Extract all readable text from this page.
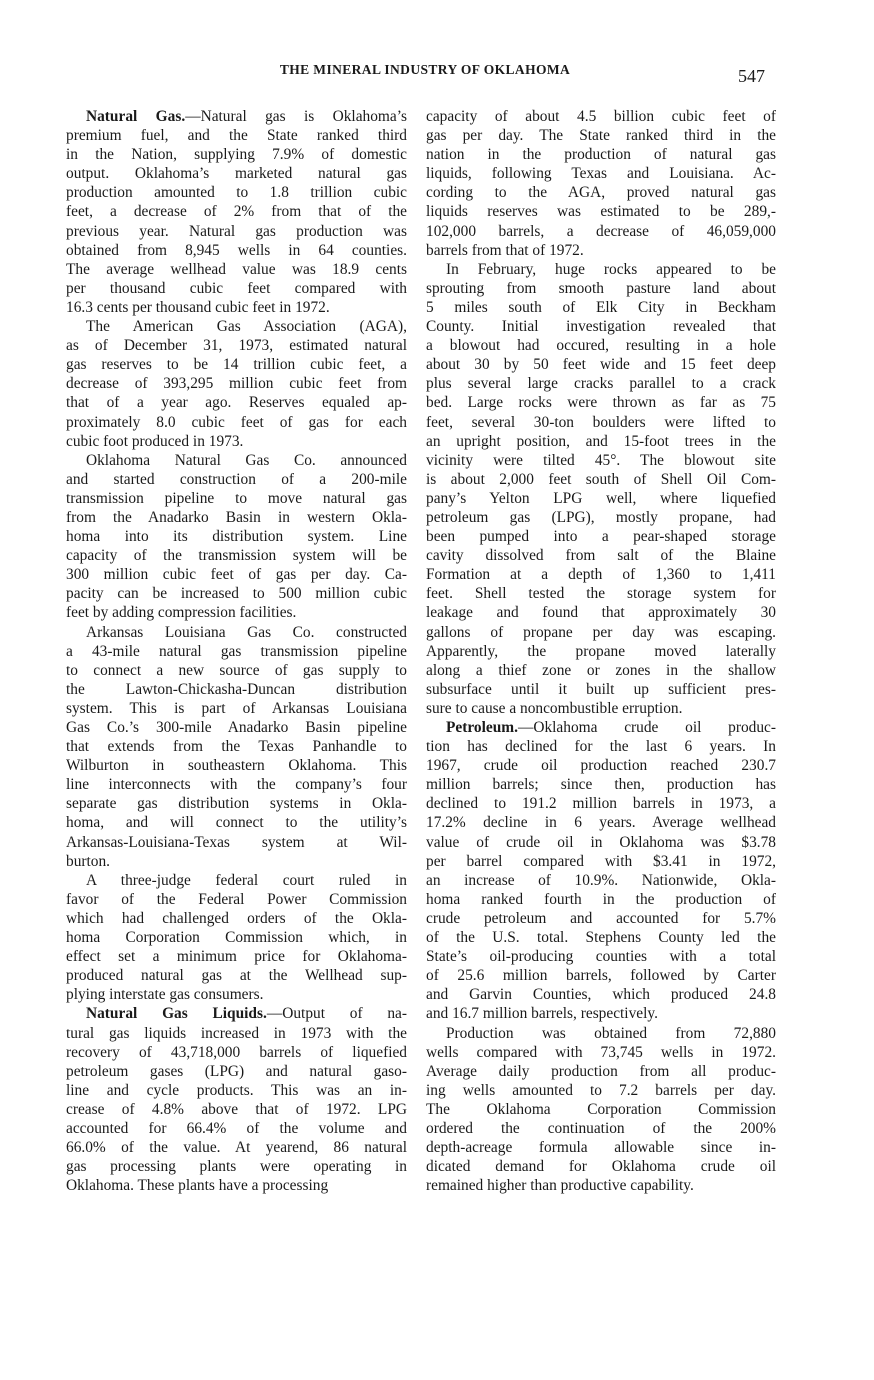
THE MINERAL INDUSTRY OF OKLAHOMA	547
Natural Gas.—Natural gas is Oklahoma’s
premium fuel, and the State ranked third
in the Nation, supplying 7.9% of domestic
output. Oklahoma’s marketed natural gas
production amounted to 1.8 trillion cubic
feet, a decrease of 2% from that of the
previous year. Natural gas production was
obtained from 8,945 wells in 64 counties.
The average wellhead value was 18.9 cents
per thousand cubic feet compared with
16.3 cents per thousand cubic feet in 1972.
The American Gas Association (AGA),
as of December 31, 1973, estimated natural
gas reserves to be 14 trillion cubic feet, a
decrease of 393,295 million cubic feet from
that of a year ago. Reserves equaled ap-
proximately 8.0 cubic feet of gas for each
cubic foot produced in 1973.
Oklahoma Natural Gas Co. announced
and started construction of a 200-mile
transmission pipeline to move natural gas
from the Anadarko Basin in western Okla-
homa into its distribution system. Line
capacity of the transmission system will be
300 million cubic feet of gas per day. Ca-
pacity can be increased to 500 million cubic
feet by adding compression facilities.
Arkansas Louisiana Gas Co. constructed
a 43-mile natural gas transmission pipeline
to connect a new source of gas supply to
the Lawton-Chickasha-Duncan distribution
system. This is part of Arkansas Louisiana
Gas Co.’s 300-mile Anadarko Basin pipeline
that extends from the Texas Panhandle to
Wilburton in southeastern Oklahoma. This
line interconnects with the company’s four
separate gas distribution systems in Okla-
homa, and will connect to the utility’s
Arkansas-Louisiana-Texas system at Wil-
burton.
A three-judge federal court ruled in
favor of the Federal Power Commission
which had challenged orders of the Okla-
homa Corporation Commission which, in
effect set a minimum price for Oklahoma-
produced natural gas at the Wellhead sup-
plying interstate gas consumers.
Natural Gas Liquids.—Output of na-
tural gas liquids increased in 1973 with the
recovery of 43,718,000 barrels of liquefied
petroleum gases (LPG) and natural gaso-
line and cycle products. This was an in-
crease of 4.8% above that of 1972. LPG
accounted for 66.4% of the volume and
66.0% of the value. At yearend, 86 natural
gas processing plants were operating in
Oklahoma. These plants have a processing
capacity of about 4.5 billion cubic feet of
gas per day. The State ranked third in the
nation in the production of natural gas
liquids, following Texas and Louisiana. Ac-
cording to the AGA, proved natural gas
liquids reserves was estimated to be 289,-
102,000 barrels, a decrease of 46,059,000
barrels from that of 1972.
In February, huge rocks appeared to be
sprouting from smooth pasture land about
5 miles south of Elk City in Beckham
County. Initial investigation revealed that
a blowout had occured, resulting in a hole
about 30 by 50 feet wide and 15 feet deep
plus several large cracks parallel to a crack
bed. Large rocks were thrown as far as 75
feet, several 30-ton boulders were lifted to
an upright position, and 15-foot trees in the
vicinity were tilted 45°. The blowout site
is about 2,000 feet south of Shell Oil Com-
pany’s Yelton LPG well, where liquefied
petroleum gas (LPG), mostly propane, had
been pumped into a pear-shaped storage
cavity dissolved from salt of the Blaine
Formation at a depth of 1,360 to 1,411
feet. Shell tested the storage system for
leakage and found that approximately 30
gallons of propane per day was escaping.
Apparently, the propane moved laterally
along a thief zone or zones in the shallow
subsurface until it built up sufficient pres-
sure to cause a noncombustible erruption.
Petroleum.—Oklahoma crude oil produc-
tion has declined for the last 6 years. In
1967, crude oil production reached 230.7
million barrels; since then, production has
declined to 191.2 million barrels in 1973, a
17.2% decline in 6 years. Average wellhead
value of crude oil in Oklahoma was $3.78
per barrel compared with $3.41 in 1972,
an increase of 10.9%. Nationwide, Okla-
homa ranked fourth in the production of
crude petroleum and accounted for 5.7%
of the U.S. total. Stephens County led the
State’s oil-producing counties with a total
of 25.6 million barrels, followed by Carter
and Garvin Counties, which produced 24.8
and 16.7 million barrels, respectively.
Production was obtained from 72,880
wells compared with 73,745 wells in 1972.
Average daily production from all produc-
ing wells amounted to 7.2 barrels per day.
The Oklahoma Corporation Commission
ordered the continuation of the 200%
depth-acreage formula allowable since in-
dicated demand for Oklahoma crude oil
remained higher than productive capability.
